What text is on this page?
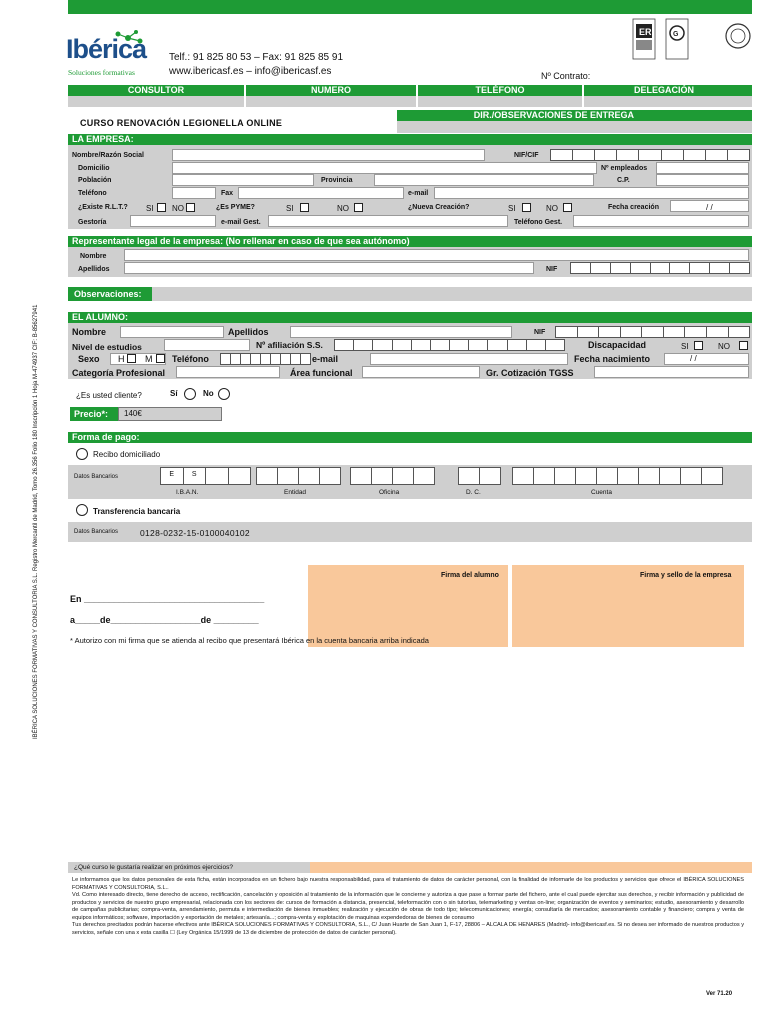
Ibérica
Soluciones formativas
Telf.: 91 825 80 53 – Fax: 91 825 85 91
www.ibericasf.es – info@ibericasf.es	Nº Contrato:
ER	G
CONSULTOR	NUMERO	TELÉFONO	DELEGACIÓN
DIR./OBSERVACIONES DE ENTREGA
CURSO RENOVACIÓN LEGIONELLA ONLINE
LA EMPRESA:
Nombre/Razón Social	NIF/CIF
Domicilio	Nº empleados
Población	Provincia	C.P.
Teléfono	Fax	e-mail
¿Existe R.L.T.? SI NO	¿Es PYME?	SI	NO	¿Nueva Creación?	SI	NO	Fecha creación	/ /
Gestoría	e-mail Gest.	Teléfono Gest.
Representante legal de la empresa: (No rellenar en caso de que sea autónomo)
Nombre
Apellidos	NIF
Observaciones:
EL ALUMNO:
Nombre	Apellidos	NIF
Nivel de estudios	Nº afiliación S.S.	Discapacidad	SI	NO
Sexo H M Teléfono	e-mail	Fecha nacimiento	/ /
Categoría Profesional	Área funcional	Gr. Cotización TGSS
¿Es usted cliente?	Sí	No
Precio*:	140€
Forma de pago:
Recibo domiciliado
Datos Bancarios	E	S
I.B.A.N.	Entidad	Oficina	D. C.	Cuenta
Transferencia bancaria
Datos Bancarios	0128-0232-15-0100040102
Firma del alumno	Firma y sello de la empresa
En ____________________________________
a_____de__________________de _________
* Autorizo con mi firma que se atienda al recibo que presentará Ibérica en la cuenta bancaria arriba indicada
¿Qué curso le gustaría realizar en próximos ejercicios?

Le informamos que los datos personales de esta ficha, están incorporados en un fichero bajo nuestra responsabilidad, para el tratamiento de datos de carácter personal, con la finalidad de informarle de los productos y servicios que ofrece el IBÉRICA SOLUCIONES FORMATIVAS Y CONSULTORIA, S.L..

Vd. Como interesado directo, tiene derecho de acceso, rectificación, cancelación y oposición al tratamiento de la información que le concierne y autoriza a que pase a formar parte del fichero, ante el cual puede ejercitar sus derechos, y recibir información y publicidad de productos y servicios de nuestro grupo empresarial, relacionada con los sectores de: cursos de formación a distancia, presencial, teleformación con o sin tutorías, telemarketing y ventas on-line; organización de eventos y seminarios; estudio, asesoramiento y desarrollo de campañas publicitarias; compra-venta, arrendamiento, permuta e intermediación de bienes inmuebles; realización y ejecución de obras de todo tipo; telecomunicaciones; energía; consultaría de mercados; asesoramiento contable y financiero; compra y venta de equipos informáticos; software, importación y exportación de metales; artesanía...; compra-venta y explotación de maquinas expendedoras de bienes de consumo

Tus derechos precitados podrán hacerse efectivos ante IBÉRICA SOLUCIONES FORMATIVAS Y CONSULTORIA, S.L., C/ Juan Huarte de San Juan 1, F-17, 28806 – ALCALA DE HENARES (Madrid)- info@ibericasf.es. Si no desea ser informado de nuestros productos y servicios, señale con una x esta casilla ☐ (Ley Orgánica 15/1999 de 13 de diciembre de protección de datos de carácter personal).

Ver 71.20
IBÉRICA SOLUCIONES FORMATIVAS Y CONSULTORIA S.L. Registro Mercantil de Madrid, Tomo 26.356 Folio 180 Inscripción 1 Hoja M-474937 CIF: B-85627941
